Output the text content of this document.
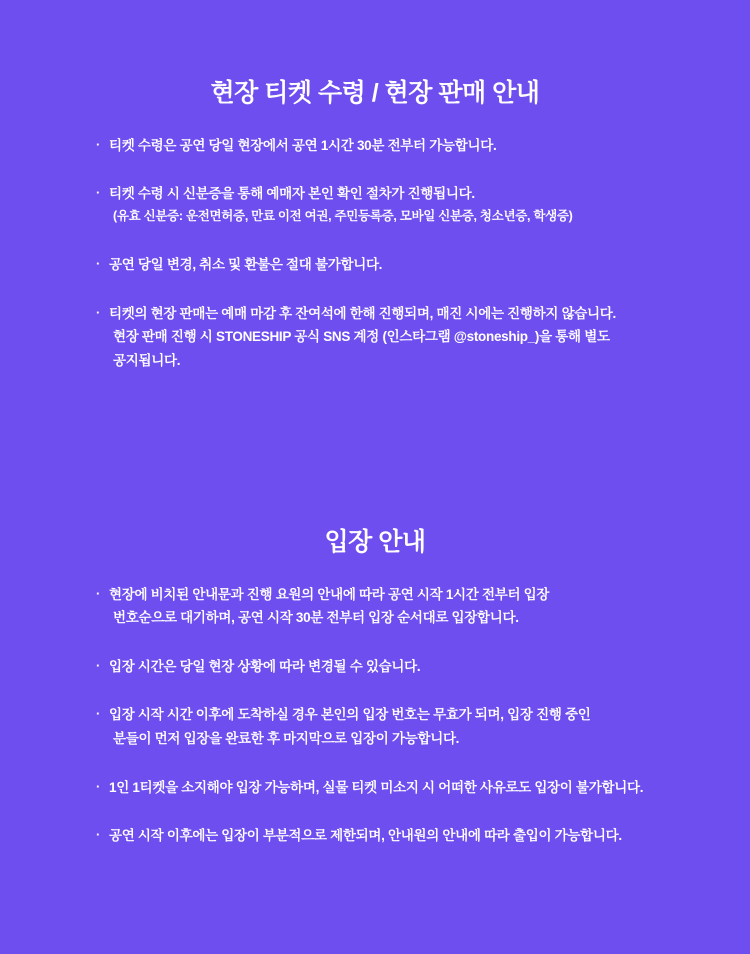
현장 티켓 수령 / 현장 판매 안내
· 티켓 수령은 공연 당일 현장에서 공연 1시간 30분 전부터 가능합니다.
· 티켓 수령 시 신분증을 통해 예매자 본인 확인 절차가 진행됩니다.
(유효 신분증: 운전면허증, 만료 이전 여권, 주민등록증, 모바일 신분증, 청소년증, 학생증)
· 공연 당일 변경, 취소 및 환불은 절대 불가합니다.
· 티켓의 현장 판매는 예매 마감 후 잔여석에 한해 진행되며, 매진 시에는 진행하지 않습니다.
현장 판매 진행 시 STONESHIP 공식 SNS 계정 (인스타그램 @stoneship_)을 통해 별도
공지됩니다.
입장 안내
· 현장에 비치된 안내문과 진행 요원의 안내에 따라 공연 시작 1시간 전부터 입장
번호순으로 대기하며, 공연 시작 30분 전부터 입장 순서대로 입장합니다.
· 입장 시간은 당일 현장 상황에 따라 변경될 수 있습니다.
· 입장 시작 시간 이후에 도착하실 경우 본인의 입장 번호는 무효가 되며, 입장 진행 중인
분들이 먼저 입장을 완료한 후 마지막으로 입장이 가능합니다.
· 1인 1티켓을 소지해야 입장 가능하며, 실물 티켓 미소지 시 어떠한 사유로도 입장이 불가합니다.
· 공연 시작 이후에는 입장이 부분적으로 제한되며, 안내원의 안내에 따라 출입이 가능합니다.
